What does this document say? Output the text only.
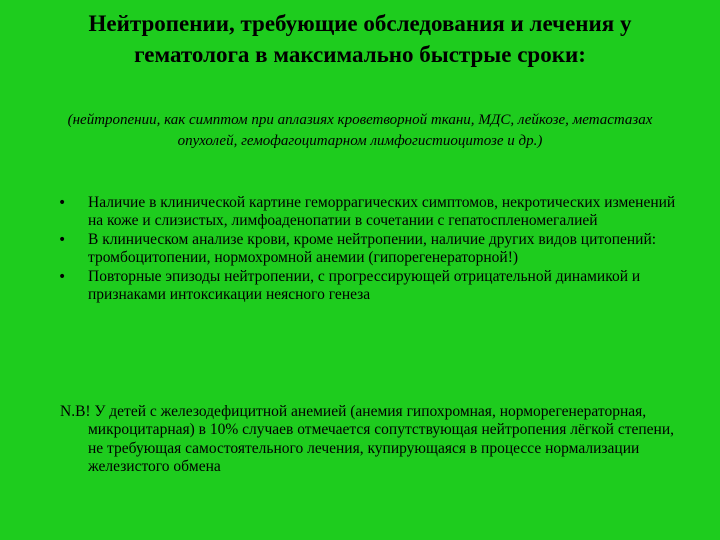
Нейтропении, требующие обследования и лечения у гематолога в максимально быстрые сроки:
(нейтропении, как симптом при аплазиях кроветворной ткани, МДС, лейкозе, метастазах опухолей, гемофагоцитарном лимфогистиоцитозе и др.)
• Наличие в клинической картине геморрагических симптомов, некротических изменений на коже и слизистых, лимфоаденопатии в сочетании с гепатоспленомегалией
• В клиническом анализе крови, кроме нейтропении, наличие других видов цитопений: тромбоцитопении, нормохромной анемии (гипорегенераторной!)
• Повторные эпизоды нейтропении, с прогрессирующей отрицательной динамикой и признаками интоксикации неясного генеза
N.B! У детей с железодефицитной анемией (анемия гипохромная, норморегенераторная, микроцитарная) в 10% случаев отмечается сопутствующая нейтропения лёгкой степени, не требующая самостоятельного лечения, купирующаяся в процессе нормализации железистого обмена
